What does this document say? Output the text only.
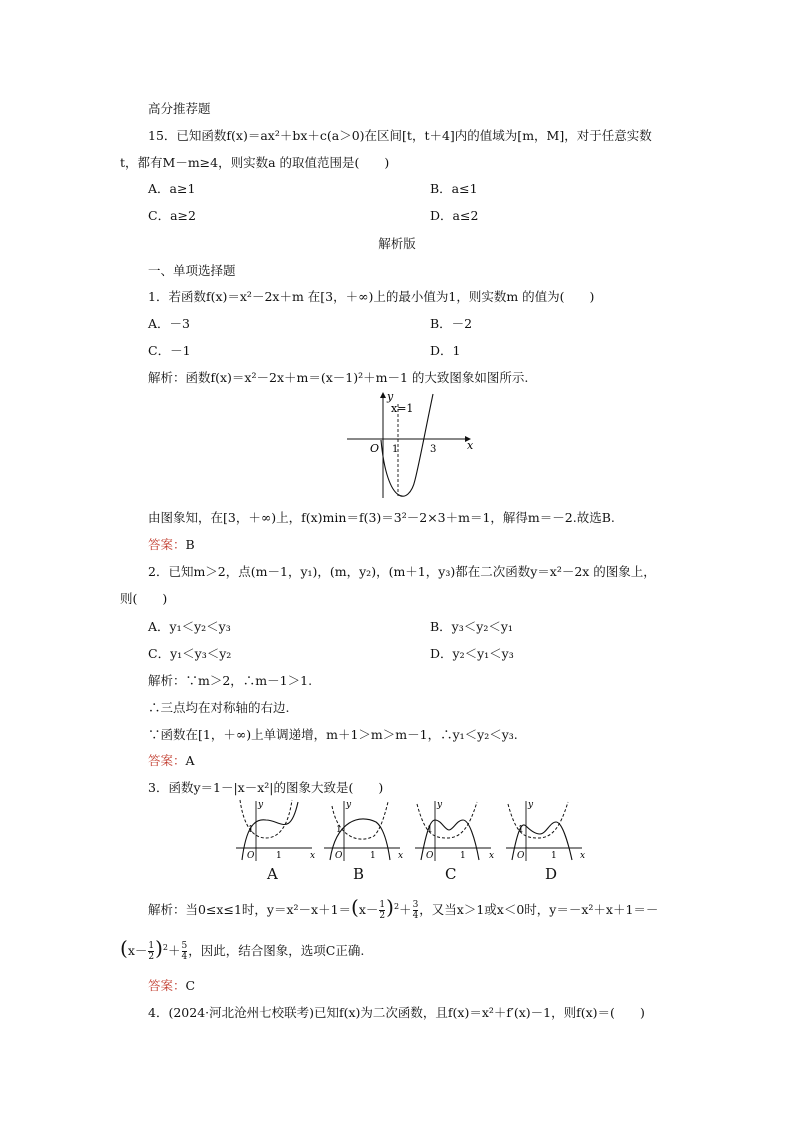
高分推荐题
15．已知函数f(x)＝ax²＋bx＋c(a＞0)在区间[t，t＋4]内的值域为[m，M]，对于任意实数
t，都有M－m≥4，则实数a 的取值范围是(　　)
A．a≥1	B．a≤1
C．a≥2	D．a≤2
解析版
一、单项选择题
1．若函数f(x)＝x²－2x＋m 在[3，＋∞)上的最小值为1，则实数m 的值为(　　)
A．－3	B．－2
C．－1	D．1
解析：函数f(x)＝x²－2x＋m＝(x－1)²＋m－1 的大致图象如图所示.
x
y
O 1	3
x=1
由图象知，在[3，＋∞)上，f(x)min＝f(3)＝3²－2×3＋m＝1，解得m＝－2.故选B.
答案：B
2．已知m＞2，点(m－1，y₁)，(m，y₂)，(m＋1，y₃)都在二次函数y＝x²－2x 的图象上，
则(　　)
A．y₁＜y₂＜y₃	B．y₃＜y₂＜y₁
C．y₁＜y₃＜y₂	D．y₂＜y₁＜y₃
解析：∵m＞2，∴m－1＞1.
∴三点均在对称轴的右边.
∵函数在[1，＋∞)上单调递增，m＋1＞m＞m－1，∴y₁＜y₂＜y₃.
答案：A
3．函数y＝1－|x－x²|的图象大致是(　　)
x
y
O 1
1
x
y
O	1
1
x
y
O	1
1
x
y
O	1
1
A	B	C	D
解析：当0≤x≤1时，$y=x^2-x+1=(x- \frac{1}{2} )^2+ \frac{3}{4}$ ，又当x＞1或x＜0时，y＝－x²＋x＋1＝－
$(x- \frac{1}{2} )^2+ \frac{5}{4}$ ，因此，结合图象，选项C正确.
答案：C
4．(2024·河北沧州七校联考)已知f(x)为二次函数，且f(x)＝x²＋f′(x)－1，则f(x)＝(　　)
